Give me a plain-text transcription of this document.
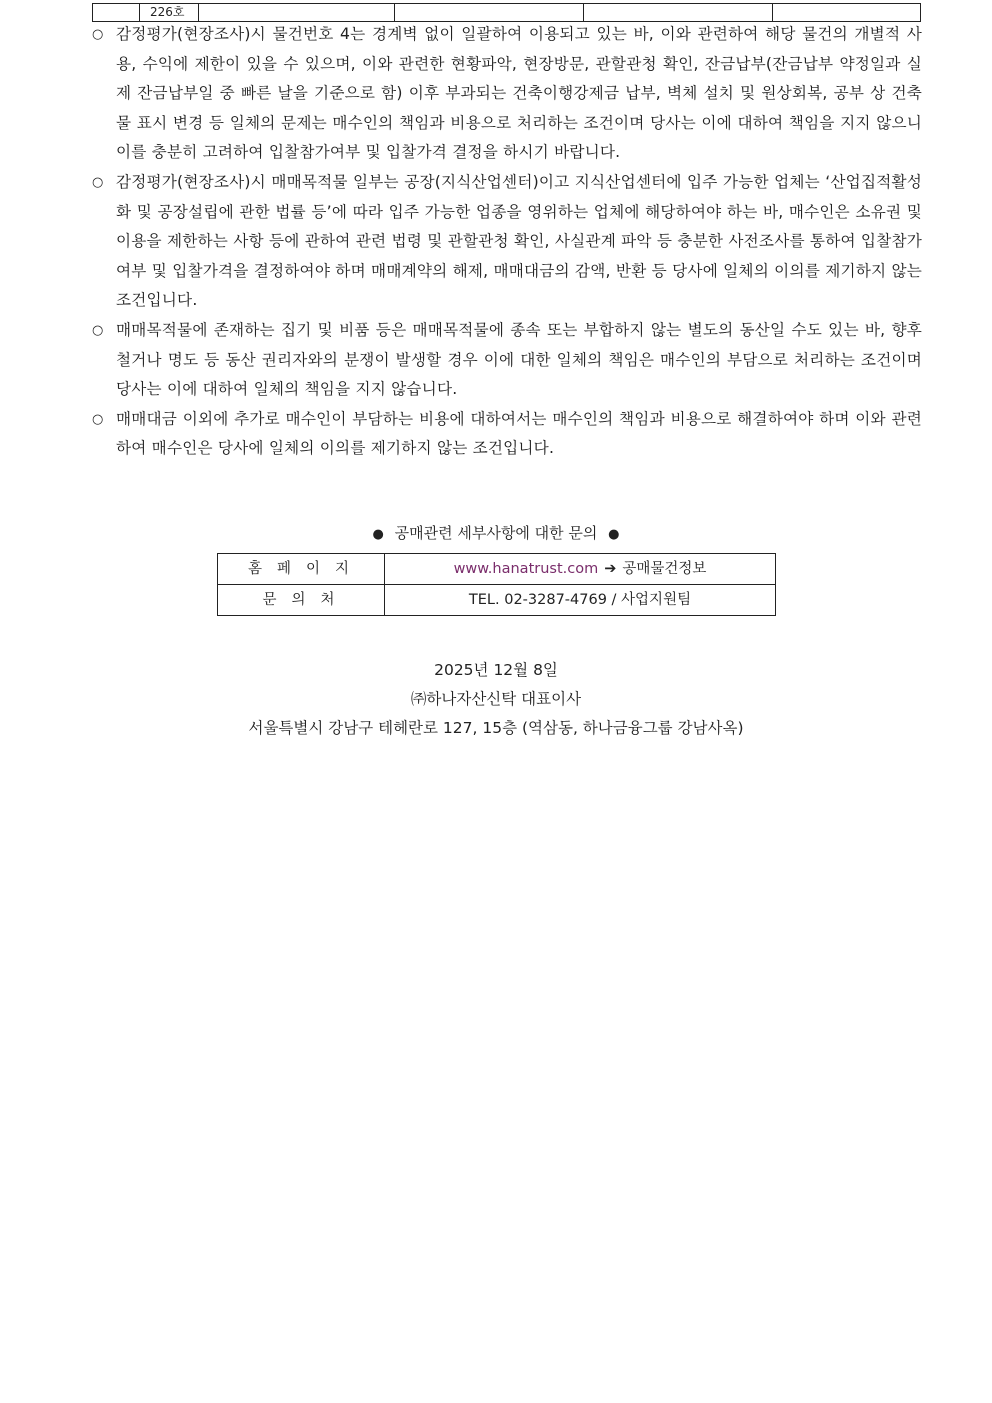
	226호				
○ 감정평가(현장조사)시 물건번호 4는 경계벽 없이 일괄하여 이용되고 있는 바, 이와 관련하여 해당 물건의 개별적 사용, 수익에 제한이 있을 수 있으며, 이와 관련한 현황파악, 현장방문, 관할관청 확인, 잔금납부(잔금납부 약정일과 실제 잔금납부일 중 빠른 날을 기준으로 함) 이후 부과되는 건축이행강제금 납부, 벽체 설치 및 원상회복, 공부 상 건축물 표시 변경 등 일체의 문제는 매수인의 책임과 비용으로 처리하는 조건이며 당사는 이에 대하여 책임을 지지 않으니 이를 충분히 고려하여 입찰참가여부 및 입찰가격 결정을 하시기 바랍니다.
○ 감정평가(현장조사)시 매매목적물 일부는 공장(지식산업센터)이고 지식산업센터에 입주 가능한 업체는 ‘산업집적활성화 및 공장설립에 관한 법률 등’에 따라 입주 가능한 업종을 영위하는 업체에 해당하여야 하는 바, 매수인은 소유권 및 이용을 제한하는 사항 등에 관하여 관련 법령 및 관할관청 확인, 사실관계 파악 등 충분한 사전조사를 통하여 입찰참가여부 및 입찰가격을 결정하여야 하며 매매계약의 해제, 매매대금의 감액, 반환 등 당사에 일체의 이의를 제기하지 않는 조건입니다.
○ 매매목적물에 존재하는 집기 및 비품 등은 매매목적물에 종속 또는 부합하지 않는 별도의 동산일 수도 있는 바, 향후 철거나 명도 등 동산 권리자와의 분쟁이 발생할 경우 이에 대한 일체의 책임은 매수인의 부담으로 처리하는 조건이며 당사는 이에 대하여 일체의 책임을 지지 않습니다.
○ 매매대금 이외에 추가로 매수인이 부담하는 비용에 대하여서는 매수인의 책임과 비용으로 해결하여야 하며 이와 관련하여 매수인은 당사에 일체의 이의를 제기하지 않는 조건입니다.
● 공매관련 세부사항에 대한 문의 ●
홈페이지	www.hanatrust.com ➔ 공매물건정보
문의처	TEL. 02-3287-4769 / 사업지원팀
2025년 12월 8일
㈜하나자산신탁 대표이사
서울특별시 강남구 테헤란로 127, 15층 (역삼동, 하나금융그룹 강남사옥)
